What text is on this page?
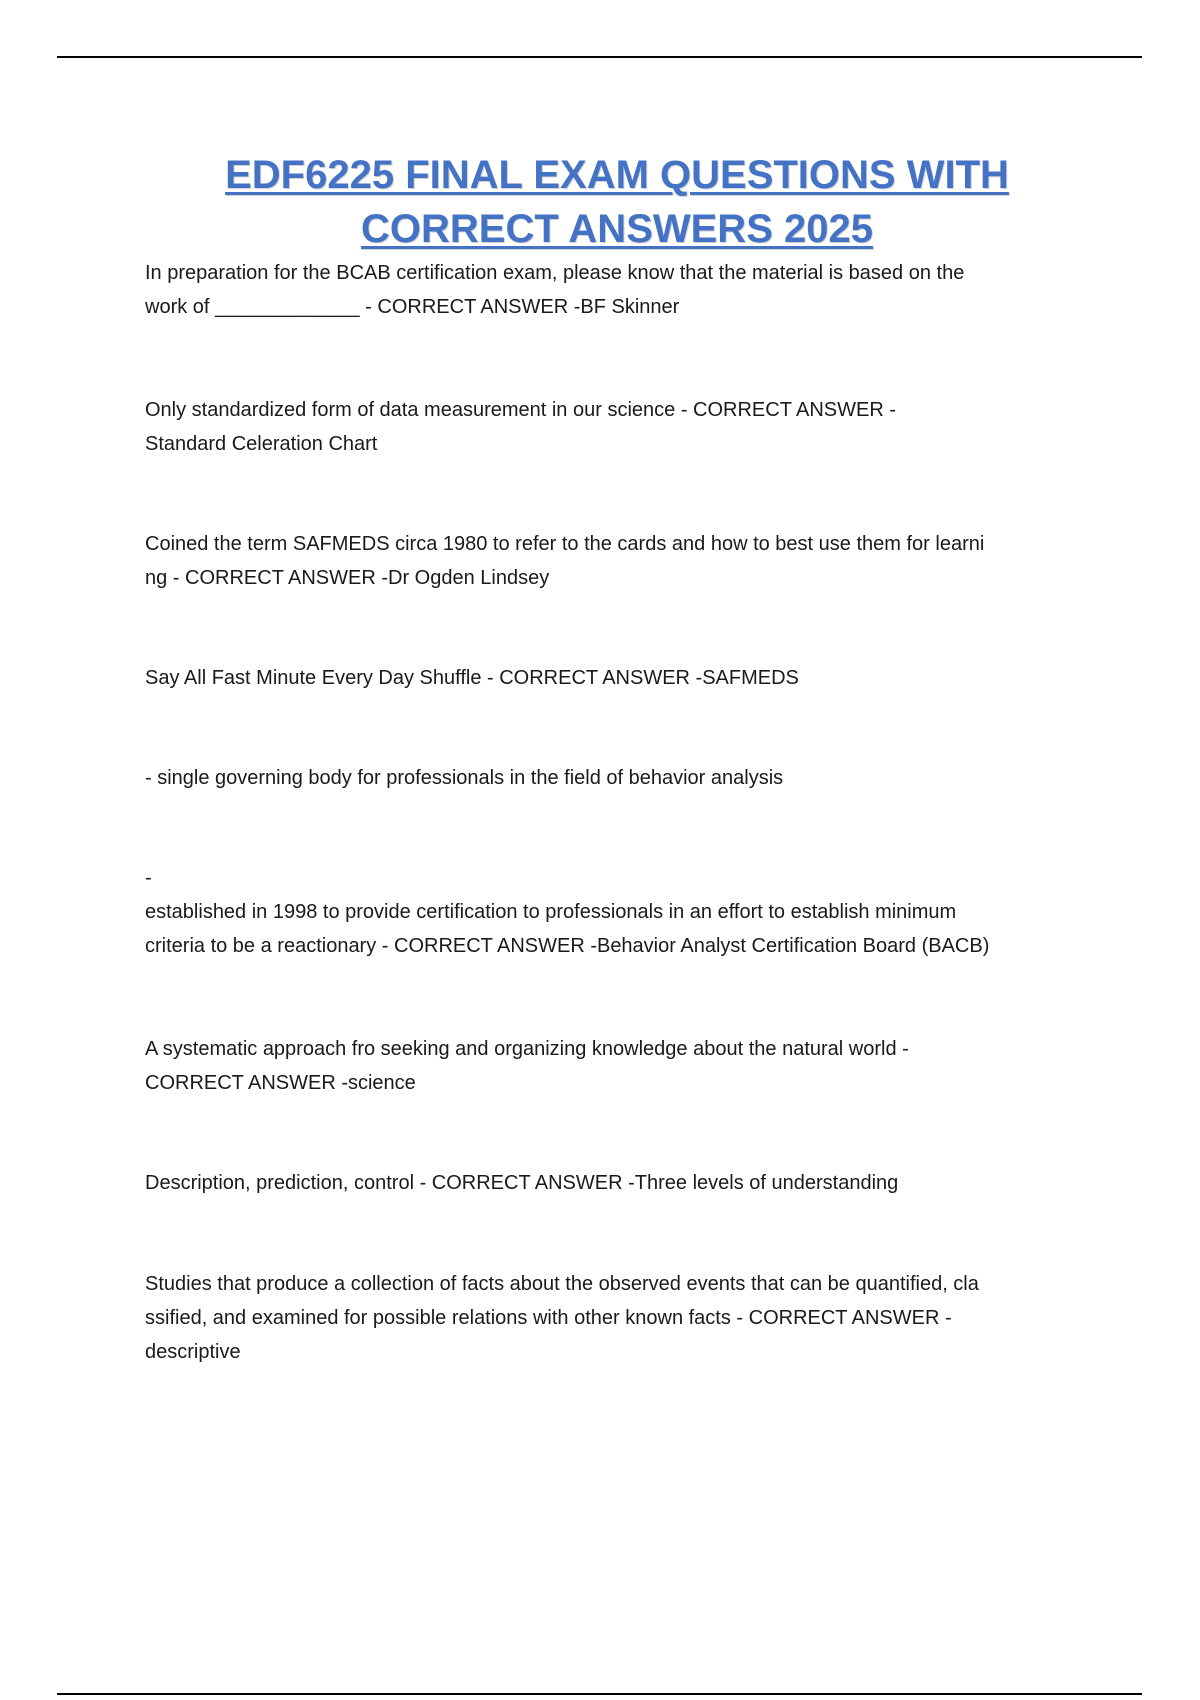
EDF6225 FINAL EXAM QUESTIONS WITH
CORRECT ANSWERS 2025

In preparation for the BCAB certification exam, please know that the material is based on the
work of _____________ - CORRECT ANSWER -BF Skinner

Only standardized form of data measurement in our science - CORRECT ANSWER -
Standard Celeration Chart

Coined the term SAFMEDS circa 1980 to refer to the cards and how to best use them for learni
ng - CORRECT ANSWER -Dr Ogden Lindsey

Say All Fast Minute Every Day Shuffle - CORRECT ANSWER -SAFMEDS

- single governing body for professionals in the field of behavior analysis

-
established in 1998 to provide certification to professionals in an effort to establish minimum
criteria to be a reactionary - CORRECT ANSWER -Behavior Analyst Certification Board (BACB)

A systematic approach fro seeking and organizing knowledge about the natural world -
CORRECT ANSWER -science

Description, prediction, control - CORRECT ANSWER -Three levels of understanding

Studies that produce a collection of facts about the observed events that can be quantified, cla
ssified, and examined for possible relations with other known facts - CORRECT ANSWER -
descriptive
